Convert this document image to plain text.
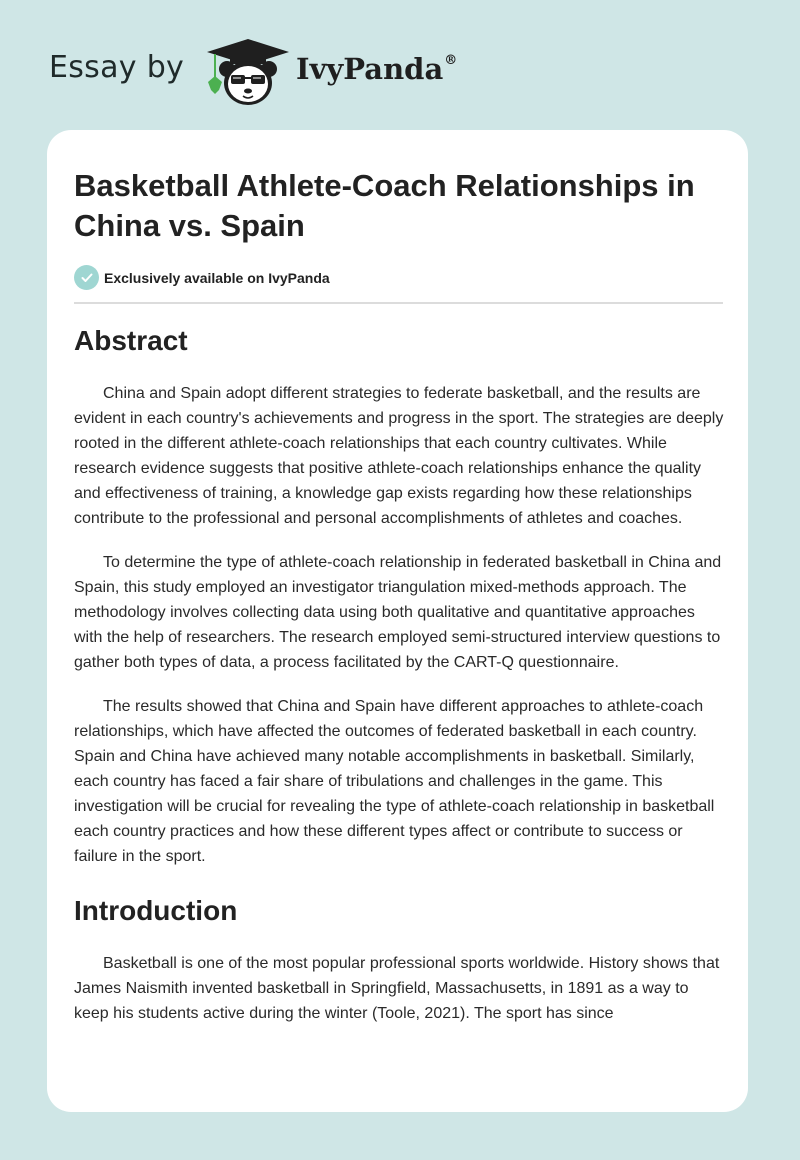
Essay by	IvyPanda®
Basketball Athlete-Coach Relationships in China vs. Spain
Exclusively available on IvyPanda
Abstract

China and Spain adopt different strategies to federate basketball, and the results are evident in each country's achievements and progress in the sport. The strategies are deeply rooted in the different athlete-coach relationships that each country cultivates. While research evidence suggests that positive athlete-coach relationships enhance the quality and effectiveness of training, a knowledge gap exists regarding how these relationships contribute to the professional and personal accomplishments of athletes and coaches.

To determine the type of athlete-coach relationship in federated basketball in China and Spain, this study employed an investigator triangulation mixed-methods approach. The methodology involves collecting data using both qualitative and quantitative approaches with the help of researchers. The research employed semi-structured interview questions to gather both types of data, a process facilitated by the CART-Q questionnaire.

The results showed that China and Spain have different approaches to athlete-coach relationships, which have affected the outcomes of federated basketball in each country. Spain and China have achieved many notable accomplishments in basketball. Similarly, each country has faced a fair share of tribulations and challenges in the game. This investigation will be crucial for revealing the type of athlete-coach relationship in basketball each country practices and how these different types affect or contribute to success or failure in the sport.

Introduction

Basketball is one of the most popular professional sports worldwide. History shows that James Naismith invented basketball in Springfield, Massachusetts, in 1891 as a way to keep his students active during the winter (Toole, 2021). The sport has since
